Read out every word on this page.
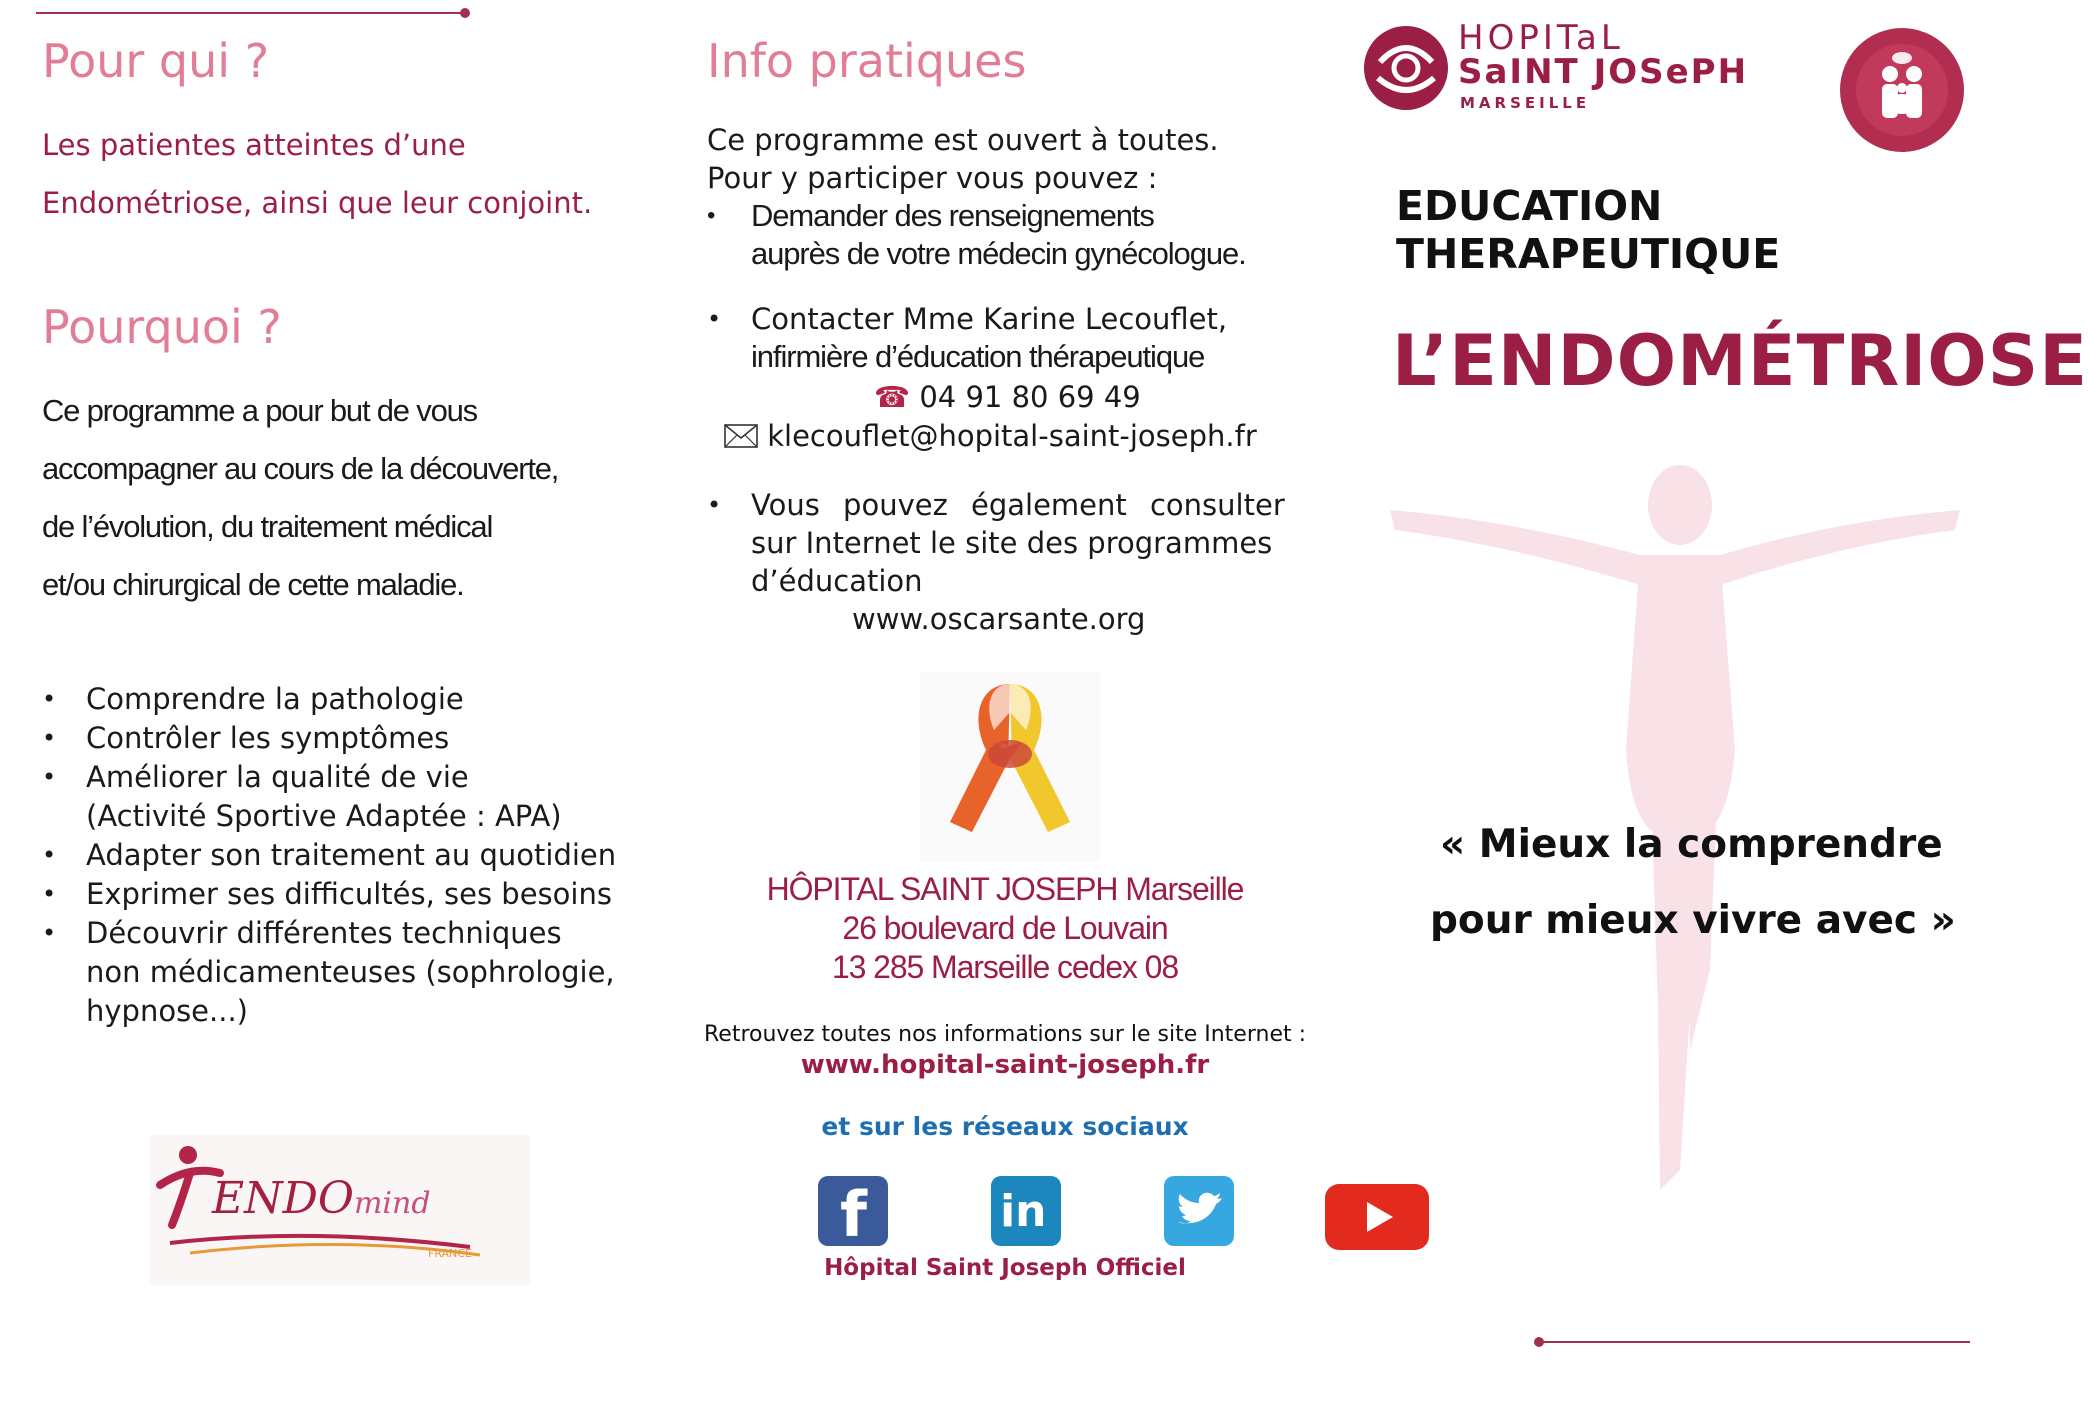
Pour qui ?
Les patientes atteintes d’une
Endométriose, ainsi que leur conjoint.
Pourquoi ?
Ce programme a pour but de vous
accompagner au cours de la découverte,
de l’évolution, du traitement médical
et/ou chirurgical de cette maladie.
• Comprendre la pathologie
• Contrôler les symptômes
• Améliorer la qualité de vie
(Activité Sportive Adaptée : APA)
• Adapter son traitement au quotidien
• Exprimer ses difficultés, ses besoins
• Découvrir différentes techniques
non médicamenteuses (sophrologie,
hypnose...)
ENDOmind
FRANCE
Info pratiques
Ce programme est ouvert à toutes.
Pour y participer vous pouvez :
• Demander des renseignements
auprès de votre médecin gynécologue.
• Contacter Mme Karine Lecouflet,
infirmière d’éducation thérapeutique
☎ 04 91 80 69 49
klecouflet@hopital-saint-joseph.fr
• Vous pouvez également consulter
sur Internet le site des programmes
d’éducation
www.oscarsante.org
HÔPITAL SAINT JOSEPH Marseille
26 boulevard de Louvain
13 285 Marseille cedex 08
Retrouvez toutes nos informations sur le site Internet :
www.hopital-saint-joseph.fr
et sur les réseaux sociaux
f
	in

Hôpital Saint Joseph Officiel
HOPITaL
SaINT JOSePH
MARSEILLE
EDUCATION THERAPEUTIQUE
L’ENDOMÉTRIOSE
« Mieux la comprendre
pour mieux vivre avec »
